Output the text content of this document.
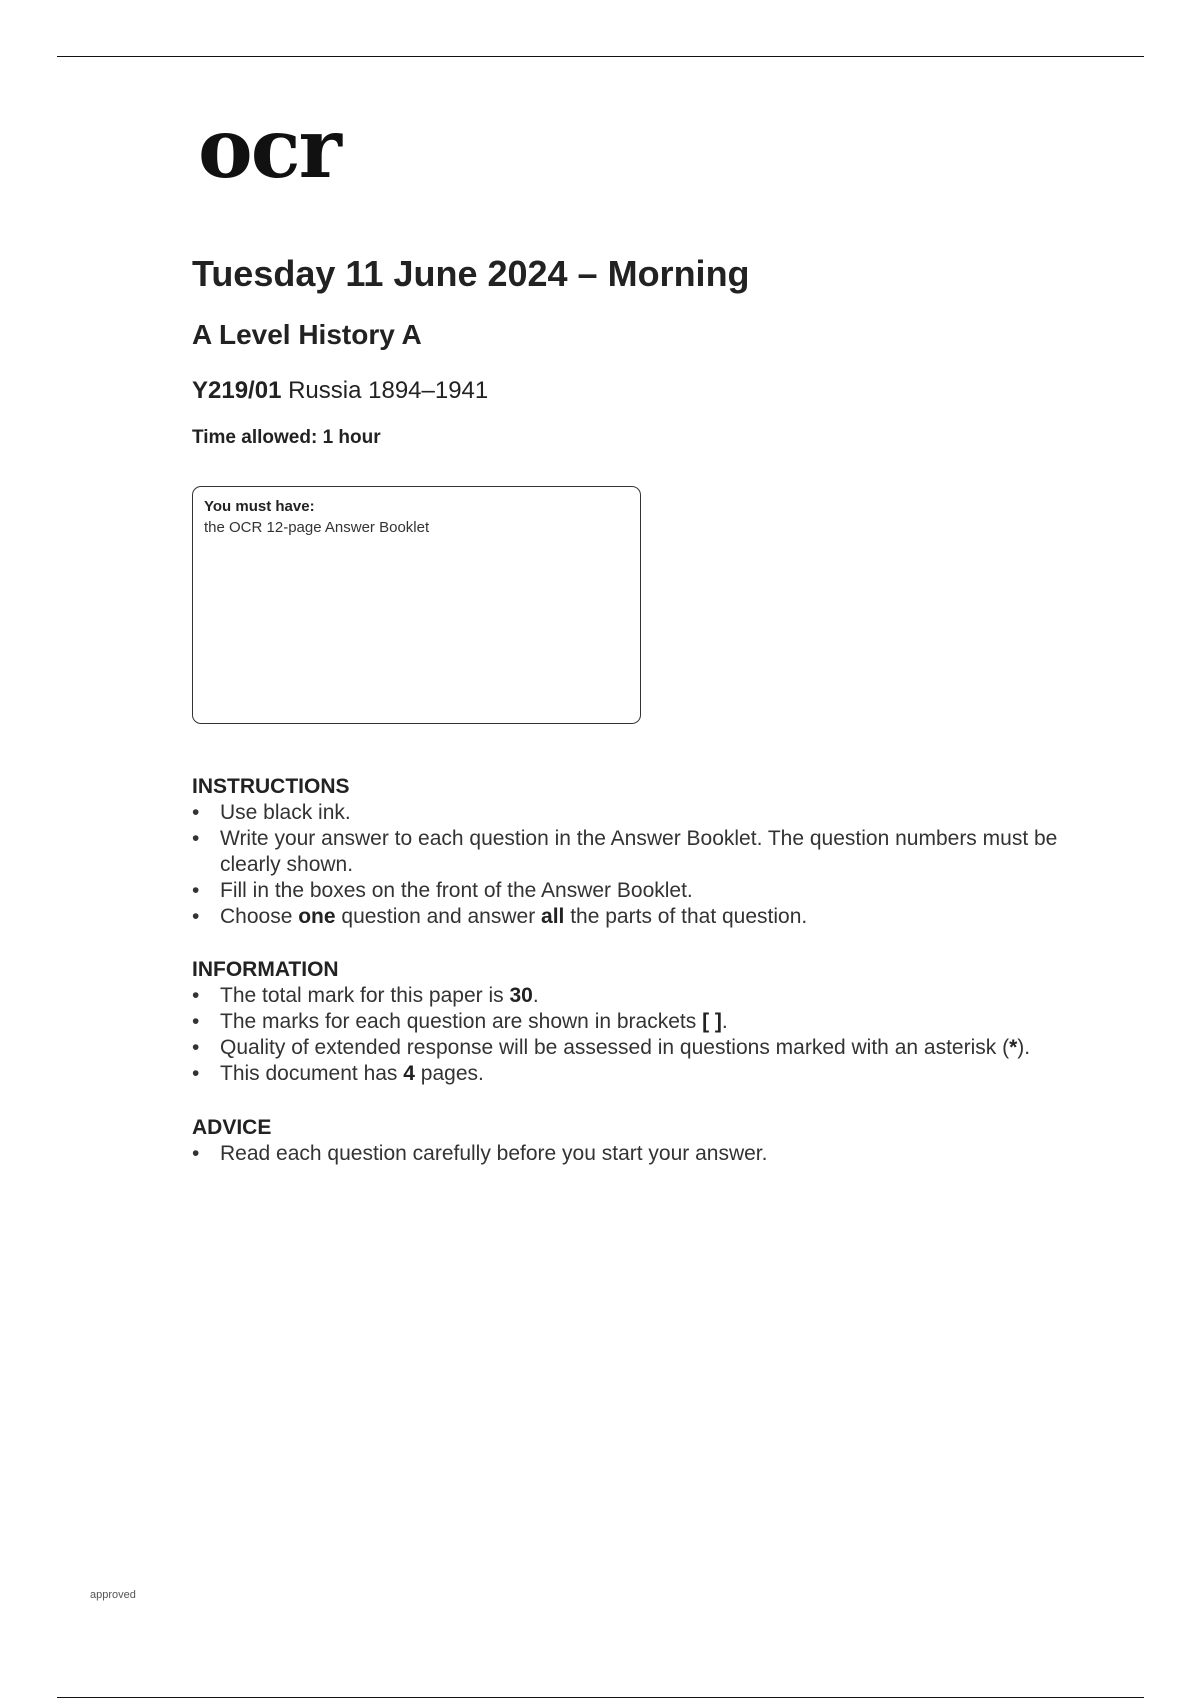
ocr
Tuesday 11 June 2024 – Morning
A Level History A
Y219/01 Russia 1894–1941
Time allowed: 1 hour
You must have:
the OCR 12-page Answer Booklet
INSTRUCTIONS
• Use black ink.
• Write your answer to each question in the Answer Booklet. The question numbers must be clearly shown.
• Fill in the boxes on the front of the Answer Booklet.
• Choose one question and answer all the parts of that question.
INFORMATION
• The total mark for this paper is 30.
• The marks for each question are shown in brackets [ ].
• Quality of extended response will be assessed in questions marked with an asterisk (*).
• This document has 4 pages.
ADVICE
• Read each question carefully before you start your answer.
approved
